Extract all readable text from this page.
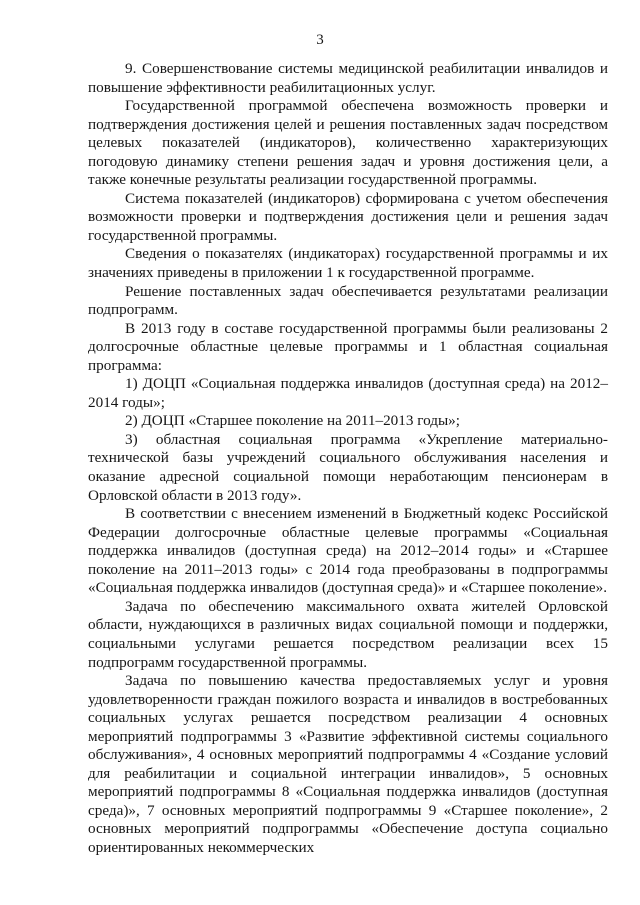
3

9. Совершенствование системы медицинской реабилитации инвалидов и повышение эффективности реабилитационных услуг.

Государственной программой обеспечена возможность проверки и подтверждения достижения целей и решения поставленных задач посредством целевых показателей (индикаторов), количественно характеризующих погодовую динамику степени решения задач и уровня достижения цели, а также конечные результаты реализации государственной программы.

Система показателей (индикаторов) сформирована с учетом обеспечения возможности проверки и подтверждения достижения цели и решения задач государственной программы.

Сведения о показателях (индикаторах) государственной программы и их значениях приведены в приложении 1 к государственной программе.

Решение поставленных задач обеспечивается результатами реализации подпрограмм.

В 2013 году в составе государственной программы были реализованы 2 долгосрочные областные целевые программы и 1 областная социальная программа:

1) ДОЦП «Социальная поддержка инвалидов (доступная среда) на 2012–2014 годы»;

2) ДОЦП «Старшее поколение на 2011–2013 годы»;

3) областная социальная программа «Укрепление материально-технической базы учреждений социального обслуживания населения и оказание адресной социальной помощи неработающим пенсионерам в Орловской области в 2013 году».

В соответствии с внесением изменений в Бюджетный кодекс Российской Федерации долгосрочные областные целевые программы «Социальная поддержка инвалидов (доступная среда) на 2012–2014 годы» и «Старшее поколение на 2011–2013 годы» с 2014 года преобразованы в подпрограммы «Социальная поддержка инвалидов (доступная среда)» и «Старшее поколение».

Задача по обеспечению максимального охвата жителей Орловской области, нуждающихся в различных видах социальной помощи и поддержки, социальными услугами решается посредством реализации всех 15 подпрограмм государственной программы.

Задача по повышению качества предоставляемых услуг и уровня удовлетворенности граждан пожилого возраста и инвалидов в востребованных социальных услугах решается посредством реализации 4 основных мероприятий подпрограммы 3 «Развитие эффективной системы социального обслуживания», 4 основных мероприятий подпрограммы 4 «Создание условий для реабилитации и социальной интеграции инвалидов», 5 основных мероприятий подпрограммы 8 «Социальная поддержка инвалидов (доступная среда)», 7 основных мероприятий подпрограммы 9 «Старшее поколение», 2 основных мероприятий подпрограммы «Обеспечение доступа социально ориентированных некоммерческих
